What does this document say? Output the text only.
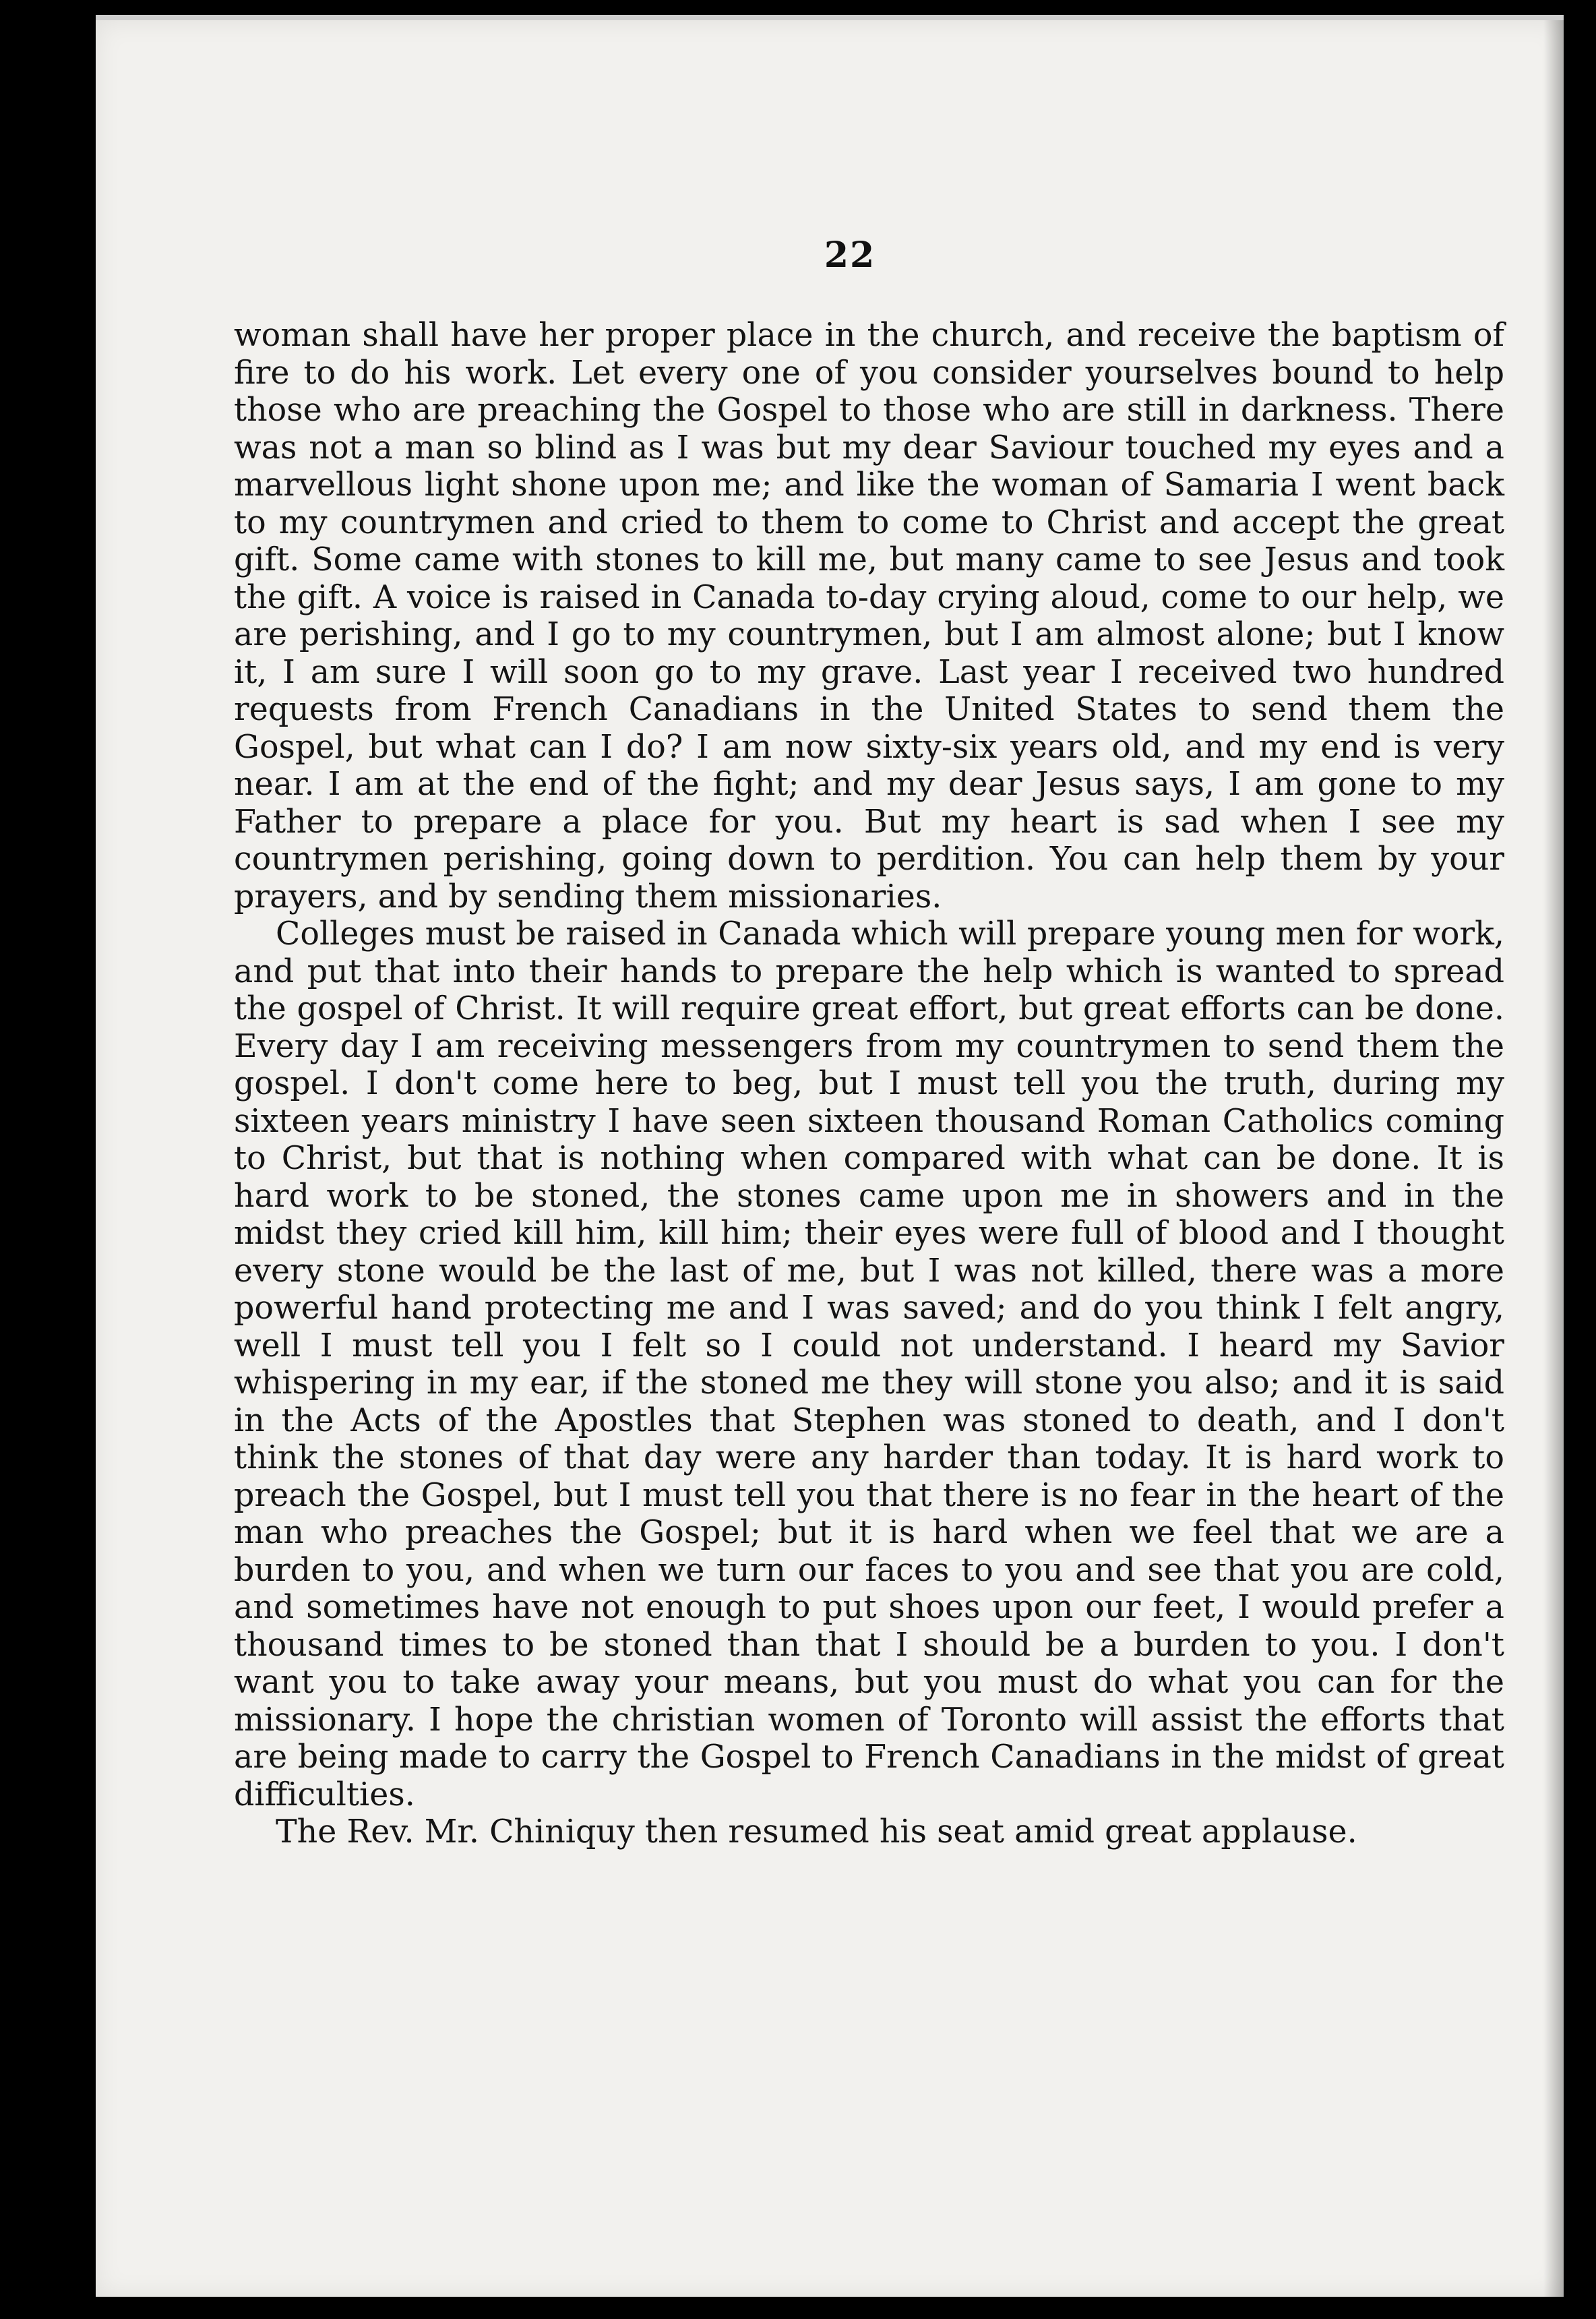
22

woman shall have her proper place in the church, and receive the baptism of fire to do his work. Let every one of you consider yourselves bound to help those who are preaching the Gospel to those who are still in darkness. There was not a man so blind as I was but my dear Saviour touched my eyes and a marvellous light shone upon me; and like the woman of Samaria I went back to my countrymen and cried to them to come to Christ and accept the great gift. Some came with stones to kill me, but many came to see Jesus and took the gift. A voice is raised in Canada to-day crying aloud, come to our help, we are perishing, and I go to my countrymen, but I am almost alone; but I know it, I am sure I will soon go to my grave. Last year I received two hundred requests from French Canadians in the United States to send them the Gospel, but what can I do? I am now sixty-six years old, and my end is very near. I am at the end of the fight; and my dear Jesus says, I am gone to my Father to prepare a place for you. But my heart is sad when I see my countrymen perishing, going down to perdition. You can help them by your prayers, and by sending them missionaries.

Colleges must be raised in Canada which will prepare young men for work, and put that into their hands to prepare the help which is wanted to spread the gospel of Christ. It will require great effort, but great efforts can be done. Every day I am receiving messengers from my countrymen to send them the gospel. I don't come here to beg, but I must tell you the truth, during my sixteen years ministry I have seen sixteen thousand Roman Catholics coming to Christ, but that is nothing when compared with what can be done. It is hard work to be stoned, the stones came upon me in showers and in the midst they cried kill him, kill him; their eyes were full of blood and I thought every stone would be the last of me, but I was not killed, there was a more powerful hand protecting me and I was saved; and do you think I felt angry, well I must tell you I felt so I could not understand. I heard my Savior whispering in my ear, if the stoned me they will stone you also; and it is said in the Acts of the Apostles that Stephen was stoned to death, and I don't think the stones of that day were any harder than today. It is hard work to preach the Gospel, but I must tell you that there is no fear in the heart of the man who preaches the Gospel; but it is hard when we feel that we are a burden to you, and when we turn our faces to you and see that you are cold, and sometimes have not enough to put shoes upon our feet, I would prefer a thousand times to be stoned than that I should be a burden to you. I don't want you to take away your means, but you must do what you can for the missionary. I hope the christian women of Toronto will assist the efforts that are being made to carry the Gospel to French Canadians in the midst of great difficulties.

The Rev. Mr. Chiniquy then resumed his seat amid great applause.
